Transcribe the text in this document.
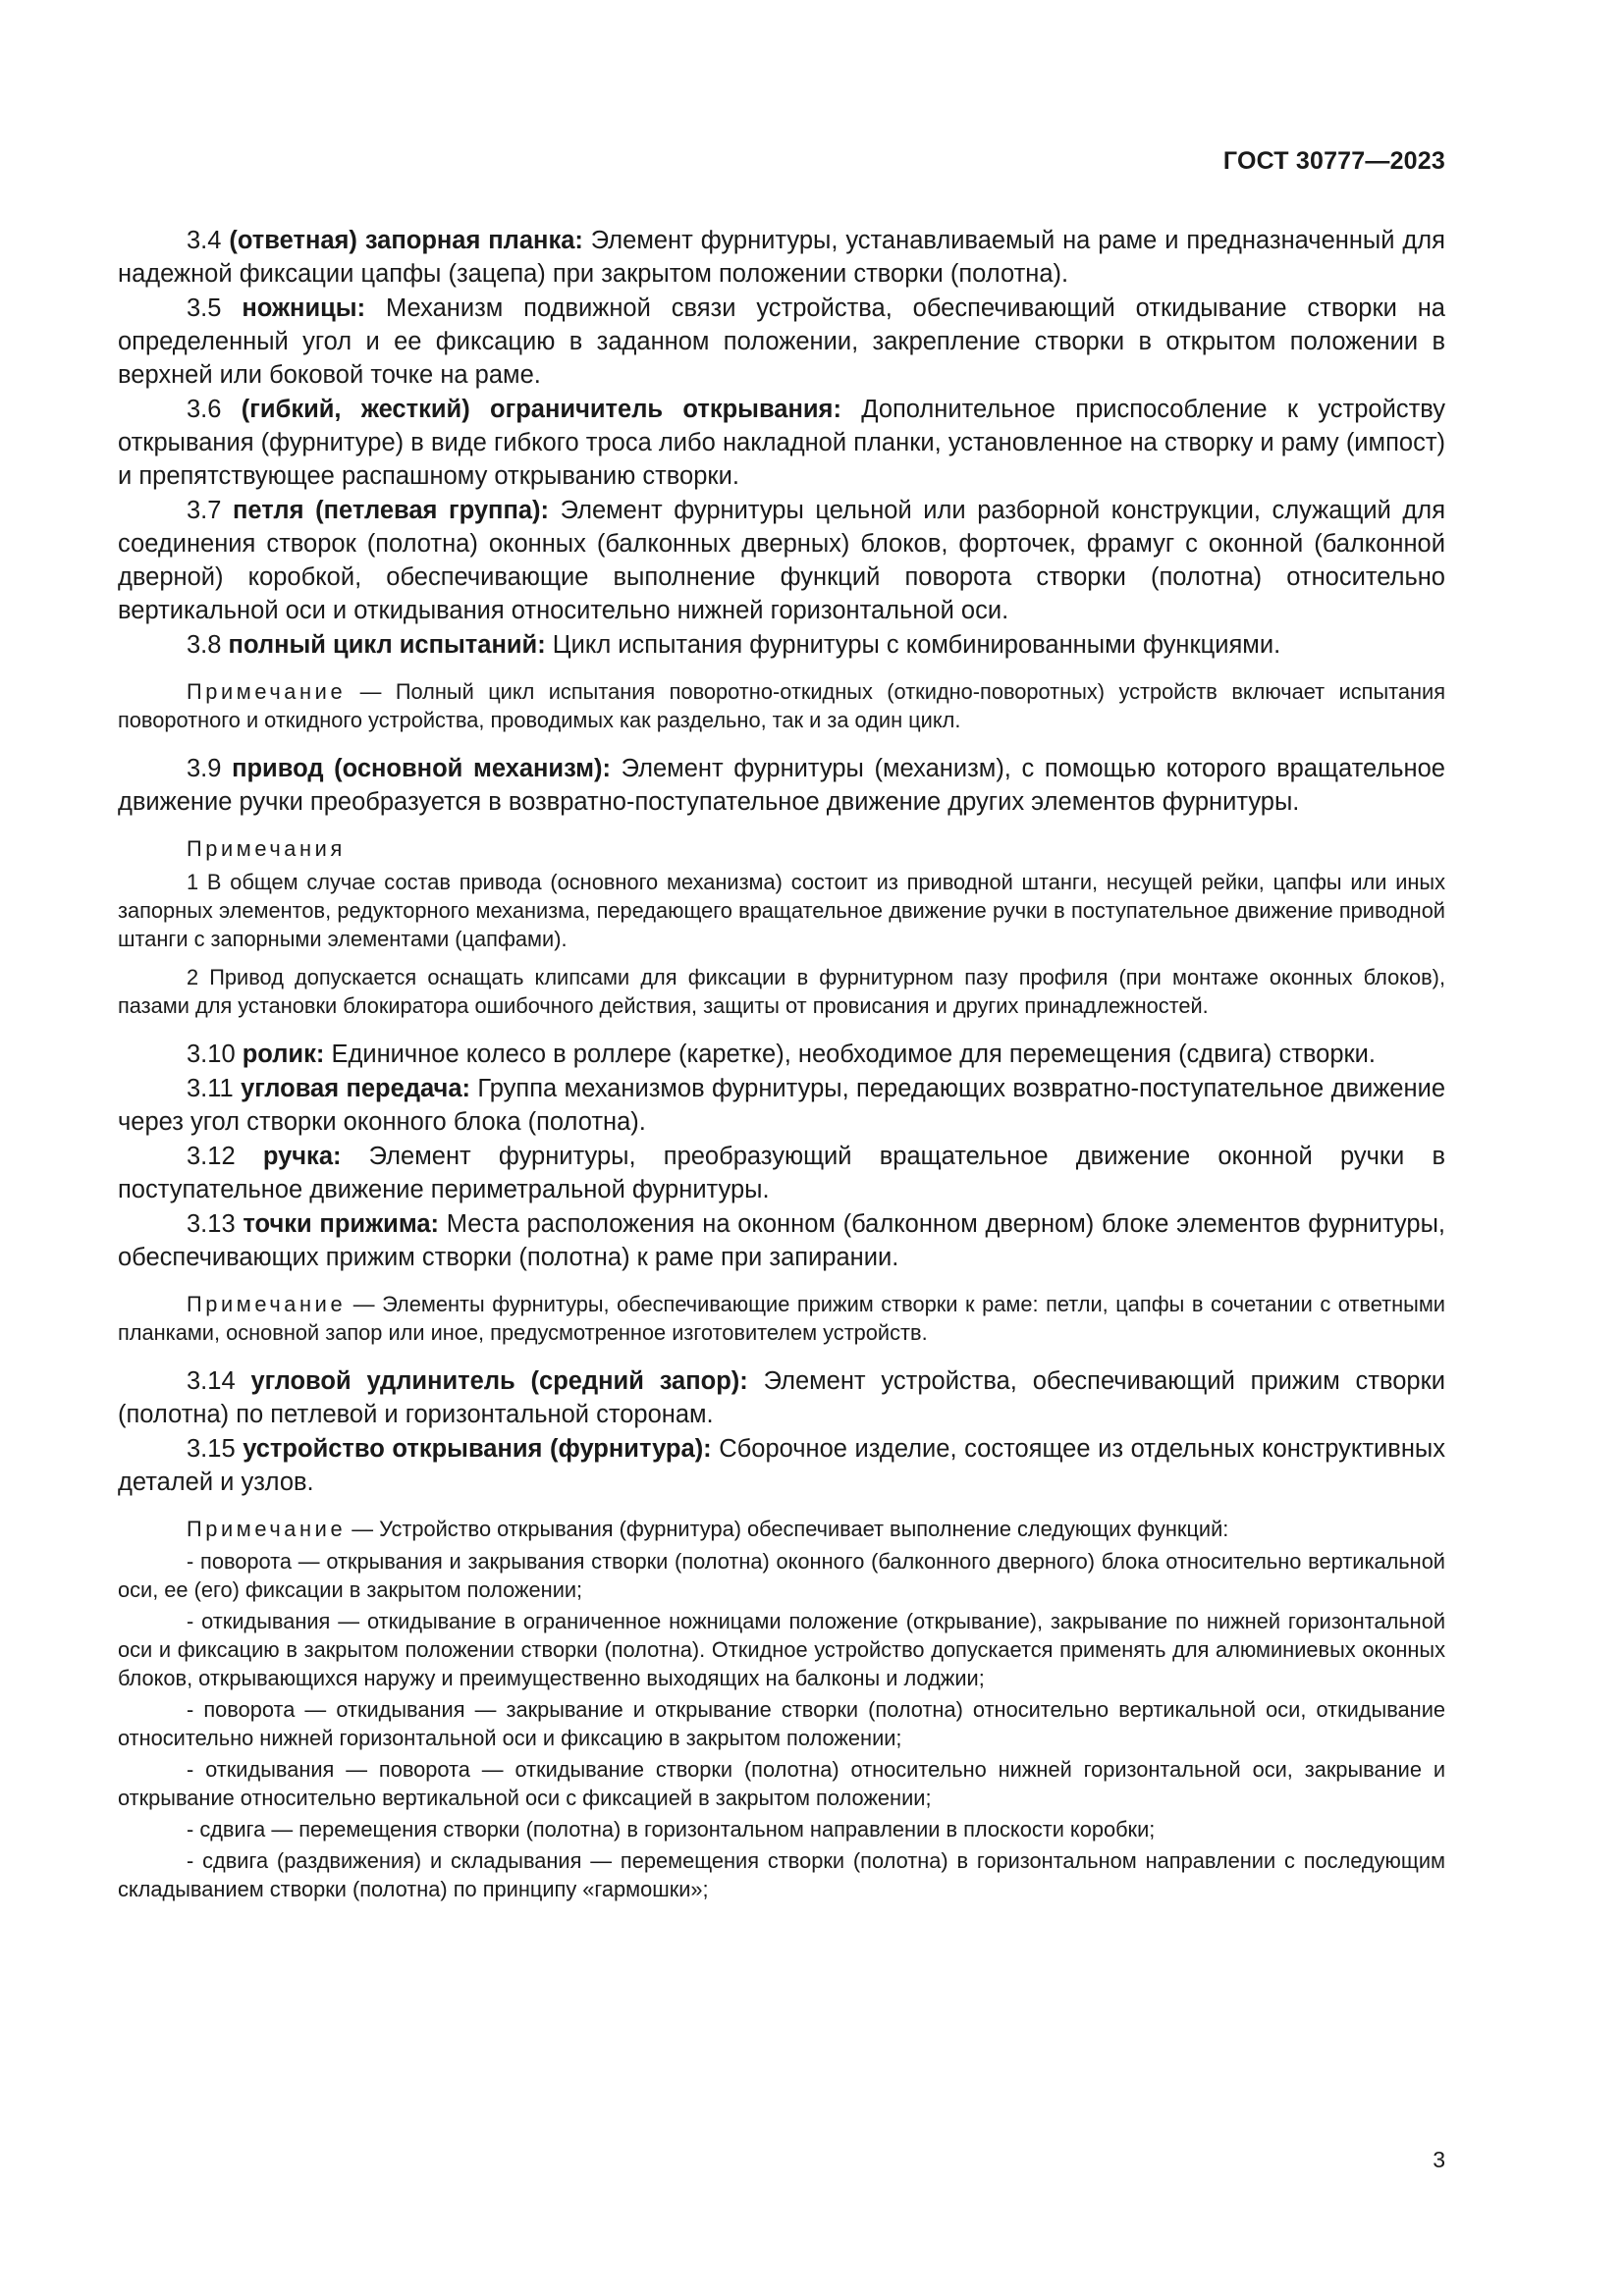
ГОСТ 30777—2023

3.4 (ответная) запорная планка: Элемент фурнитуры, устанавливаемый на раме и предназначенный для надежной фиксации цапфы (зацепа) при закрытом положении створки (полотна).

3.5 ножницы: Механизм подвижной связи устройства, обеспечивающий откидывание створки на определенный угол и ее фиксацию в заданном положении, закрепление створки в открытом положении в верхней или боковой точке на раме.

3.6 (гибкий, жесткий) ограничитель открывания: Дополнительное приспособление к устройству открывания (фурнитуре) в виде гибкого троса либо накладной планки, установленное на створку и раму (импост) и препятствующее распашному открыванию створки.

3.7 петля (петлевая группа): Элемент фурнитуры цельной или разборной конструкции, служащий для соединения створок (полотна) оконных (балконных дверных) блоков, форточек, фрамуг с оконной (балконной дверной) коробкой, обеспечивающие выполнение функций поворота створки (полотна) относительно вертикальной оси и откидывания относительно нижней горизонтальной оси.

3.8 полный цикл испытаний: Цикл испытания фурнитуры с комбинированными функциями.

Примечание — Полный цикл испытания поворотно-откидных (откидно-поворотных) устройств включает испытания поворотного и откидного устройства, проводимых как раздельно, так и за один цикл.

3.9 привод (основной механизм): Элемент фурнитуры (механизм), с помощью которого вращательное движение ручки преобразуется в возвратно-поступательное движение других элементов фурнитуры.

Примечания

1 В общем случае состав привода (основного механизма) состоит из приводной штанги, несущей рейки, цапфы или иных запорных элементов, редукторного механизма, передающего вращательное движение ручки в поступательное движение приводной штанги с запорными элементами (цапфами).

2 Привод допускается оснащать клипсами для фиксации в фурнитурном пазу профиля (при монтаже оконных блоков), пазами для установки блокиратора ошибочного действия, защиты от провисания и других принадлежностей.

3.10 ролик: Единичное колесо в роллере (каретке), необходимое для перемещения (сдвига) створки.

3.11 угловая передача: Группа механизмов фурнитуры, передающих возвратно-поступательное движение через угол створки оконного блока (полотна).

3.12 ручка: Элемент фурнитуры, преобразующий вращательное движение оконной ручки в поступательное движение периметральной фурнитуры.

3.13 точки прижима: Места расположения на оконном (балконном дверном) блоке элементов фурнитуры, обеспечивающих прижим створки (полотна) к раме при запирании.

Примечание — Элементы фурнитуры, обеспечивающие прижим створки к раме: петли, цапфы в сочетании с ответными планками, основной запор или иное, предусмотренное изготовителем устройств.

3.14 угловой удлинитель (средний запор): Элемент устройства, обеспечивающий прижим створки (полотна) по петлевой и горизонтальной сторонам.

3.15 устройство открывания (фурнитура): Сборочное изделие, состоящее из отдельных конструктивных деталей и узлов.

Примечание — Устройство открывания (фурнитура) обеспечивает выполнение следующих функций:

- поворота — открывания и закрывания створки (полотна) оконного (балконного дверного) блока относительно вертикальной оси, ее (его) фиксации в закрытом положении;

- откидывания — откидывание в ограниченное ножницами положение (открывание), закрывание по нижней горизонтальной оси и фиксацию в закрытом положении створки (полотна). Откидное устройство допускается применять для алюминиевых оконных блоков, открывающихся наружу и преимущественно выходящих на балконы и лоджии;

- поворота — откидывания — закрывание и открывание створки (полотна) относительно вертикальной оси, откидывание относительно нижней горизонтальной оси и фиксацию в закрытом положении;

- откидывания — поворота — откидывание створки (полотна) относительно нижней горизонтальной оси, закрывание и открывание относительно вертикальной оси с фиксацией в закрытом положении;

- сдвига — перемещения створки (полотна) в горизонтальном направлении в плоскости коробки;

- сдвига (раздвижения) и складывания — перемещения створки (полотна) в горизонтальном направлении с последующим складыванием створки (полотна) по принципу «гармошки»;

3
